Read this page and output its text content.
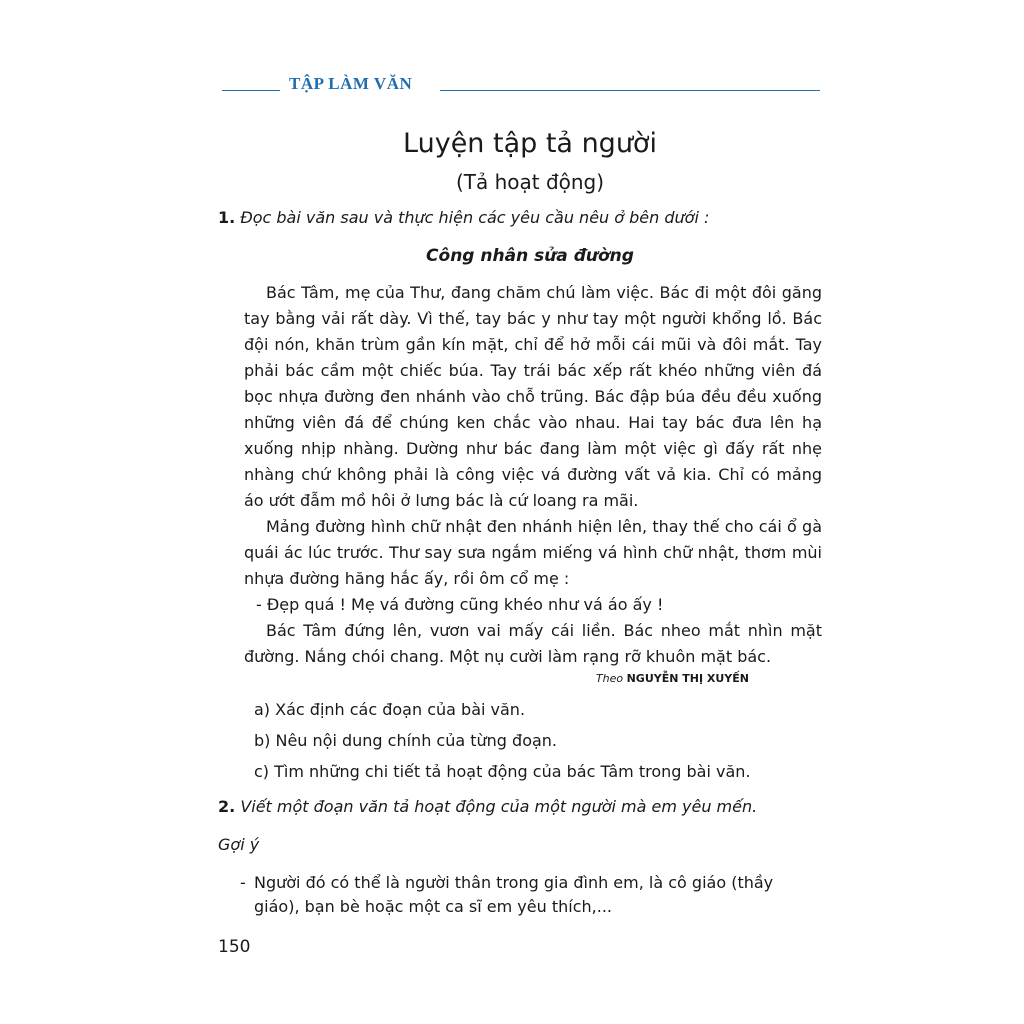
TẬP LÀM VĂN
Luyện tập tả người
(Tả hoạt động)
1. Đọc bài văn sau và thực hiện các yêu cầu nêu ở bên dưới :
Công nhân sửa đường

Bác Tâm, mẹ của Thư, đang chăm chú làm việc. Bác đi một đôi găng tay bằng vải rất dày. Vì thế, tay bác y như tay một người khổng lồ. Bác đội nón, khăn trùm gần kín mặt, chỉ để hở mỗi cái mũi và đôi mắt. Tay phải bác cầm một chiếc búa. Tay trái bác xếp rất khéo những viên đá bọc nhựa đường đen nhánh vào chỗ trũng. Bác đập búa đều đều xuống những viên đá để chúng ken chắc vào nhau. Hai tay bác đưa lên hạ xuống nhịp nhàng. Dường như bác đang làm một việc gì đấy rất nhẹ nhàng chứ không phải là công việc vá đường vất vả kia. Chỉ có mảng áo ướt đẫm mồ hôi ở lưng bác là cứ loang ra mãi.

Mảng đường hình chữ nhật đen nhánh hiện lên, thay thế cho cái ổ gà quái ác lúc trước. Thư say sưa ngắm miếng vá hình chữ nhật, thơm mùi nhựa đường hăng hắc ấy, rồi ôm cổ mẹ :

- Đẹp quá ! Mẹ vá đường cũng khéo như vá áo ấy !

Bác Tâm đứng lên, vươn vai mấy cái liền. Bác nheo mắt nhìn mặt đường. Nắng chói chang. Một nụ cười làm rạng rỡ khuôn mặt bác.

Theo NGUYỄN THỊ XUYẾN
a) Xác định các đoạn của bài văn.
b) Nêu nội dung chính của từng đoạn.
c) Tìm những chi tiết tả hoạt động của bác Tâm trong bài văn.
2. Viết một đoạn văn tả hoạt động của một người mà em yêu mến.
Gợi ý
- Người đó có thể là người thân trong gia đình em, là cô giáo (thầy giáo), bạn bè hoặc một ca sĩ em yêu thích,...
150
